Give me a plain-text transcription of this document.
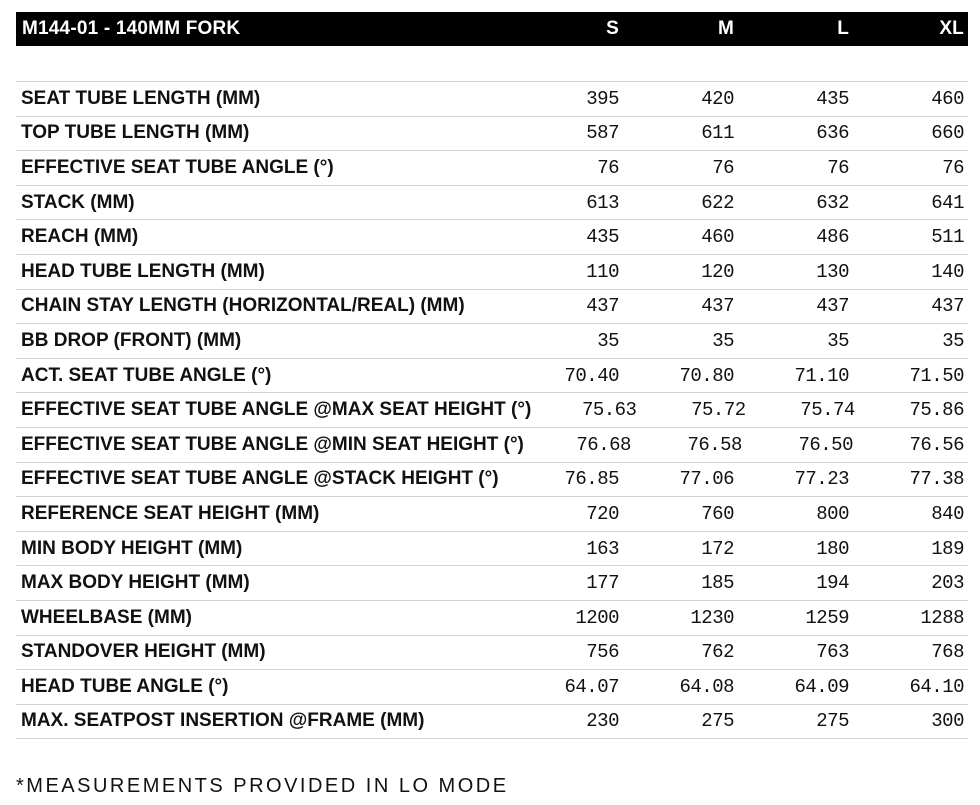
M144-01 - 140MM FORK	S	M	L	XL
SEAT TUBE LENGTH (MM)	395	420	435	460
TOP TUBE LENGTH (MM)	587	611	636	660
EFFECTIVE SEAT TUBE ANGLE (°)	76	76	76	76
STACK (MM)	613	622	632	641
REACH (MM)	435	460	486	511
HEAD TUBE LENGTH (MM)	110	120	130	140
CHAIN STAY LENGTH (HORIZONTAL/REAL) (MM)	437	437	437	437
BB DROP (FRONT) (MM)	35	35	35	35
ACT. SEAT TUBE ANGLE (°)	70.40	70.80	71.10	71.50
EFFECTIVE SEAT TUBE ANGLE @MAX SEAT HEIGHT (°)	75.63	75.72	75.74	75.86
EFFECTIVE SEAT TUBE ANGLE @MIN SEAT HEIGHT (°)	76.68	76.58	76.50	76.56
EFFECTIVE SEAT TUBE ANGLE @STACK HEIGHT (°)	76.85	77.06	77.23	77.38
REFERENCE SEAT HEIGHT (MM)	720	760	800	840
MIN BODY HEIGHT (MM)	163	172	180	189
MAX BODY HEIGHT (MM)	177	185	194	203
WHEELBASE (MM)	1200	1230	1259	1288
STANDOVER HEIGHT (MM)	756	762	763	768
HEAD TUBE ANGLE (°)	64.07	64.08	64.09	64.10
MAX. SEATPOST INSERTION @FRAME (MM)	230	275	275	300
*MEASUREMENTS PROVIDED IN LO MODE
